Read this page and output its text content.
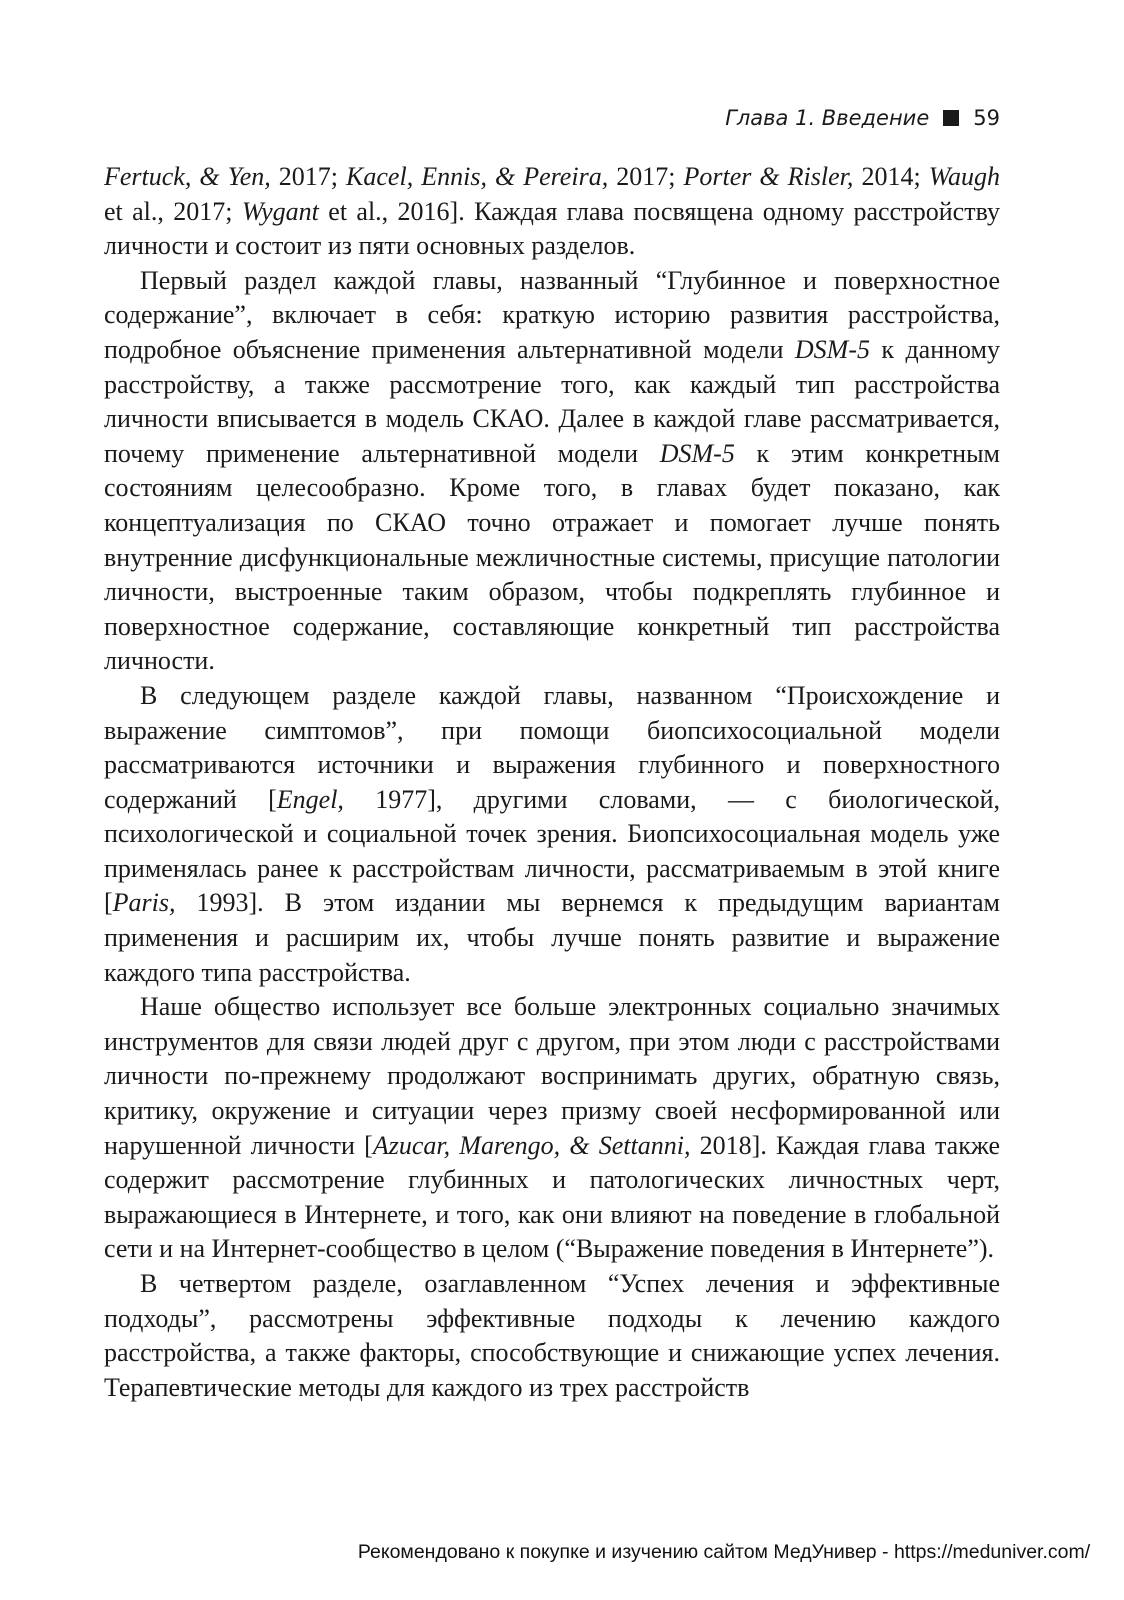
Глава 1. Введение 59

Fertuck, & Yen, 2017; Kacel, Ennis, & Pereira, 2017; Porter & Risler, 2014; Waugh et al., 2017; Wygant et al., 2016]. Каждая глава посвящена одному расстройству личности и состоит из пяти основных разделов.

Первый раздел каждой главы, названный “Глубинное и поверхностное содержание”, включает в себя: краткую историю развития расстройства, подробное объяснение применения альтернативной модели DSM-5 к данному расстройству, а также рассмотрение того, как каждый тип расстройства личности вписывается в модель СКАО. Далее в каждой главе рассматривается, почему применение альтернативной модели DSM-5 к этим конкретным состояниям целесообразно. Кроме того, в главах будет показано, как концептуализация по СКАО точно отражает и помогает лучше понять внутренние дисфункциональные межличностные системы, присущие патологии личности, выстроенные таким образом, чтобы подкреплять глубинное и поверхностное содержание, составляющие конкретный тип расстройства личности.

В следующем разделе каждой главы, названном “Происхождение и выражение симптомов”, при помощи биопсихосоциальной модели рассматриваются источники и выражения глубинного и поверхностного содержаний [Engel, 1977], другими словами, — с биологической, психологической и социальной точек зрения. Биопсихосоциальная модель уже применялась ранее к расстройствам личности, рассматриваемым в этой книге [Paris, 1993]. В этом издании мы вернемся к предыдущим вариантам применения и расширим их, чтобы лучше понять развитие и выражение каждого типа расстройства.

Наше общество использует все больше электронных социально значимых инструментов для связи людей друг с другом, при этом люди с расстройствами личности по-прежнему продолжают воспринимать других, обратную связь, критику, окружение и ситуации через призму своей несформированной или нарушенной личности [Azucar, Marengo, & Settanni, 2018]. Каждая глава также содержит рассмотрение глубинных и патологических личностных черт, выражающиеся в Интернете, и того, как они влияют на поведение в глобальной сети и на Интернет-сообщество в целом (“Выражение поведения в Интернете”).

В четвертом разделе, озаглавленном “Успех лечения и эффективные подходы”, рассмотрены эффективные подходы к лечению каждого расстройства, а также факторы, способствующие и снижающие успех лечения. Терапевтические методы для каждого из трех расстройств

Рекомендовано к покупке и изучению сайтом МедУнивер - https://meduniver.com/
